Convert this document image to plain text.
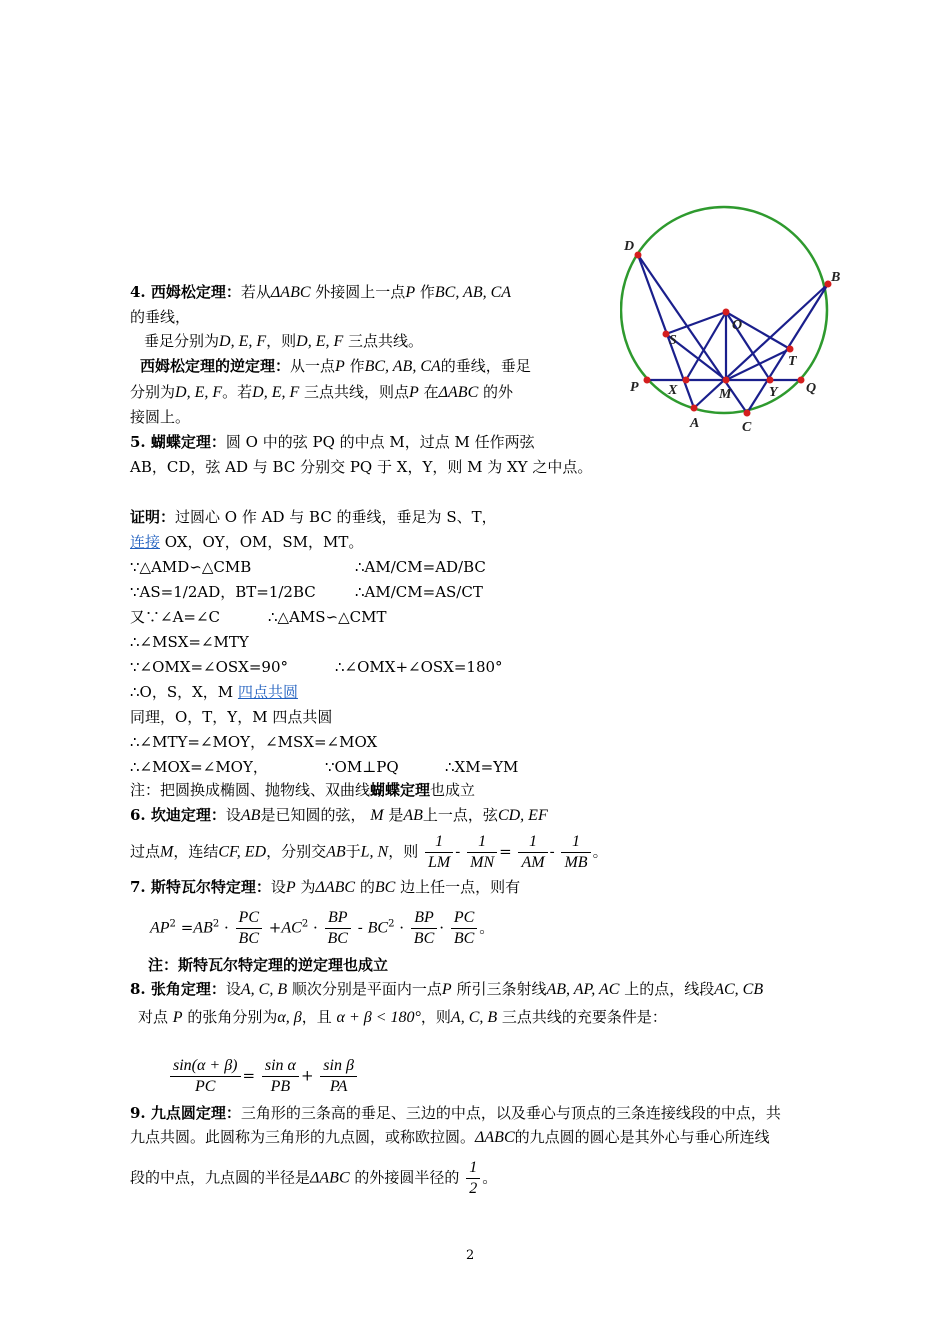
D
B
O
S
T
P	Q
X	M	Y
A	C
4. 西姆松定理：若从ΔABC 外接圆上一点P 作BC, AB, CA
的垂线，
垂足分别为D, E, F，则D, E, F 三点共线。
西姆松定理的逆定理：从一点P 作BC, AB, CA的垂线，垂足
分别为D, E, F。若D, E, F 三点共线，则点P 在ΔABC 的外
接圆上。
5. 蝴蝶定理：圆 O 中的弦 PQ 的中点 M，过点 M 任作两弦
AB，CD，弦 AD 与 BC 分别交 PQ 于 X，Y，则 M 为 XY 之中点。
证明：过圆心 O 作 AD 与 BC 的垂线，垂足为 S、T，
连接 OX，OY，OM，SM，MT。
∵△AMD∽△CMB	∴AM/CM=AD/BC
∵AS=1/2AD，BT=1/2BC	∴AM/CM=AS/CT
又∵∠A=∠C	∴△AMS∽△CMT
∴∠MSX=∠MTY
∵∠OMX=∠OSX=90°	∴∠OMX+∠OSX=180°
∴O，S，X，M 四点共圆
同理，O，T，Y，M 四点共圆
∴∠MTY=∠MOY，∠MSX=∠MOX
∴∠MOX=∠MOY，	∵OM⊥PQ	∴XM=YM
注：把圆换成椭圆、抛物线、双曲线蝴蝶定理也成立
6. 坎迪定理：设AB是已知圆的弦， M 是AB上一点，弦CD, EF
过点M，连结CF, ED，分别交AB于L, N，则 $\frac{1}{LM} - \frac{1}{MN} = \frac{1}{AM} - \frac{1}{MB}$ 。
7. 斯特瓦尔特定理：设P 为ΔABC 的BC 边上任一点，则有
$AP^2 =AB^2 \cdot \frac{PC}{BC} +AC^2 \cdot \frac{BP}{BC} - BC^2 \cdot \frac{BP}{BC} \cdot \frac{PC}{BC}$ 。
注：斯特瓦尔特定理的逆定理也成立
8. 张角定理：设A, C, B 顺次分别是平面内一点P 所引三条射线AB, AP, AC 上的点，线段AC, CB
对点 P 的张角分别为α, β，且 α + β < 180°，则A, C, B 三点共线的充要条件是：
$\frac{\sin(\alpha + \beta)}{PC} = \frac{\text{sin α}}{PB} + \frac{\text{sin β}}{PA}$
9. 九点圆定理：三角形的三条高的垂足、三边的中点，以及垂心与顶点的三条连接线段的中点，共
九点共圆。此圆称为三角形的九点圆，或称欧拉圆。ΔABC的九点圆的圆心是其外心与垂心所连线
段的中点，九点圆的半径是ΔABC 的外接圆半径的 $\frac{1}{2}$ 。
2
